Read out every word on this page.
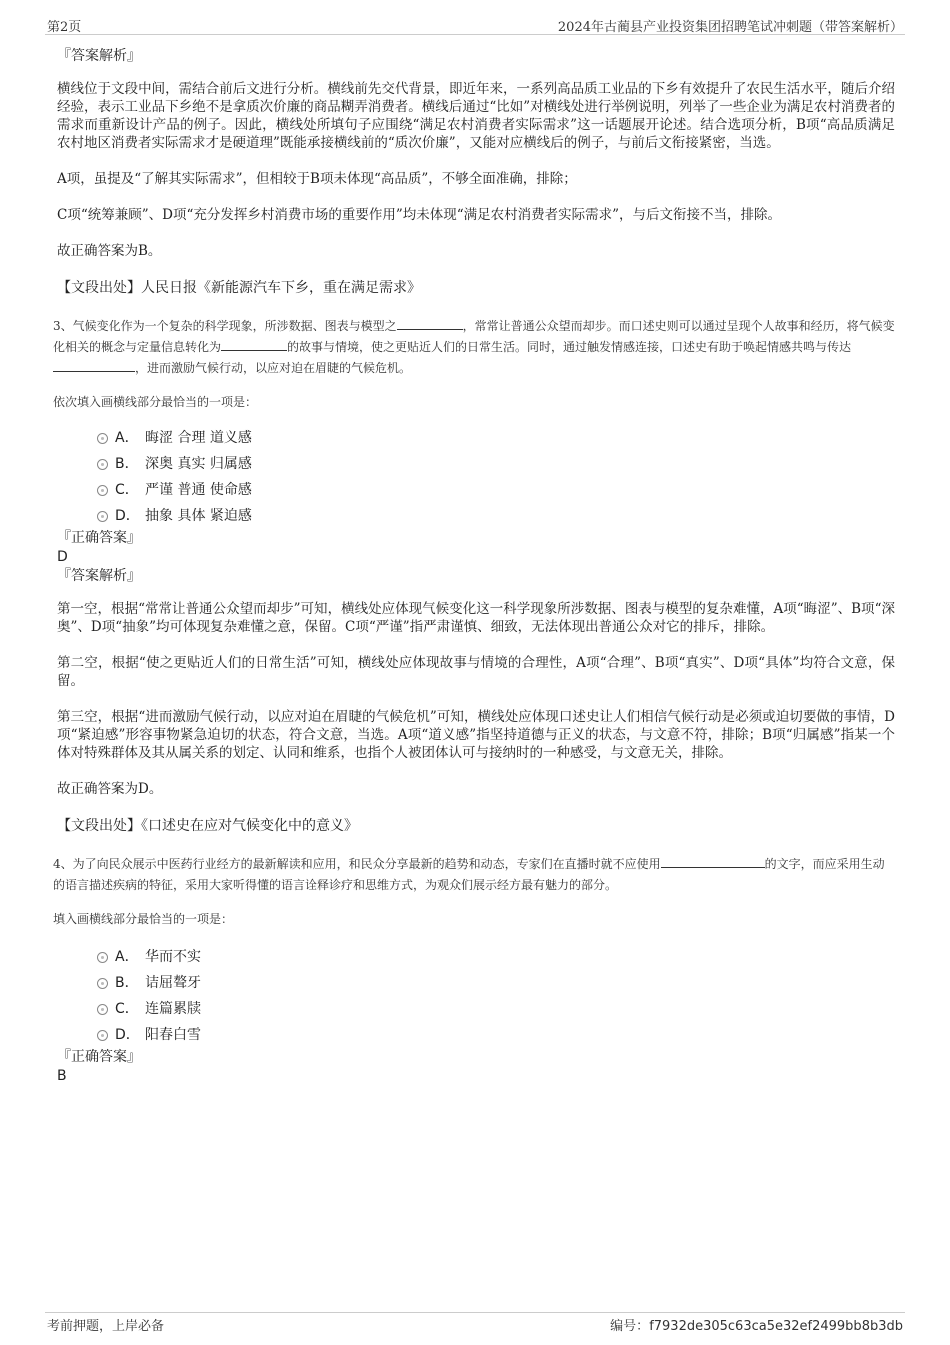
第2页	2024年古蔺县产业投资集团招聘笔试冲刺题（带答案解析）

『答案解析』

横线位于文段中间，需结合前后文进行分析。横线前先交代背景，即近年来，一系列高品质工业品的下乡有效提升了农民生活水平，随后介绍经验，表示工业品下乡绝不是拿质次价廉的商品糊弄消费者。横线后通过“比如”对横线处进行举例说明，列举了一些企业为满足农村消费者的需求而重新设计产品的例子。因此，横线处所填句子应围绕“满足农村消费者实际需求”这一话题展开论述。结合选项分析，B项“高品质满足农村地区消费者实际需求才是硬道理”既能承接横线前的“质次价廉”，又能对应横线后的例子，与前后文衔接紧密，当选。

A项，虽提及“了解其实际需求”，但相较于B项未体现“高品质”，不够全面准确，排除；

C项“统筹兼顾”、D项“充分发挥乡村消费市场的重要作用”均未体现“满足农村消费者实际需求”，与后文衔接不当，排除。

故正确答案为B。

【文段出处】人民日报《新能源汽车下乡，重在满足需求》

3、气候变化作为一个复杂的科学现象，所涉数据、图表与模型之	，常常让普通公众望而却步。而口述史则可以通过呈现个人故事和经历，将气候变化相关的概念与定量信息转化为	的故事与情境，使之更贴近人们的日常生活。同时，通过触发情感连接，口述史有助于唤起情感共鸣与传达，进而激励气候行动，以应对迫在眉睫的气候危机。

依次填入画横线部分最恰当的一项是：

A． 晦涩 合理 道义感
B． 深奥 真实 归属感
C． 严谨 普通 使命感
D． 抽象 具体 紧迫感

『正确答案』

D

『答案解析』

第一空，根据“常常让普通公众望而却步”可知，横线处应体现气候变化这一科学现象所涉数据、图表与模型的复杂难懂，A项“晦涩”、B项“深奥”、D项“抽象”均可体现复杂难懂之意，保留。C项“严谨”指严肃谨慎、细致，无法体现出普通公众对它的排斥，排除。

第二空，根据“使之更贴近人们的日常生活”可知，横线处应体现故事与情境的合理性，A项“合理”、B项“真实”、D项“具体”均符合文意，保留。

第三空，根据“进而激励气候行动，以应对迫在眉睫的气候危机”可知，横线处应体现口述史让人们相信气候行动是必须或迫切要做的事情，D项“紧迫感”形容事物紧急迫切的状态，符合文意，当选。A项“道义感”指坚持道德与正义的状态，与文意不符，排除；B项“归属感”指某一个体对特殊群体及其从属关系的划定、认同和维系，也指个人被团体认可与接纳时的一种感受，与文意无关，排除。

故正确答案为D。

【文段出处】《口述史在应对气候变化中的意义》

4、为了向民众展示中医药行业经方的最新解读和应用，和民众分享最新的趋势和动态，专家们在直播时就不应使用	的文字，而应采用生动的语言描述疾病的特征，采用大家听得懂的语言诠释诊疗和思维方式，为观众们展示经方最有魅力的部分。

填入画横线部分最恰当的一项是：

A． 华而不实
B． 诘屈聱牙
C． 连篇累牍
D． 阳春白雪

『正确答案』

B

考前押题，上岸必备	编号：f7932de305c63ca5e32ef2499bb8b3db
